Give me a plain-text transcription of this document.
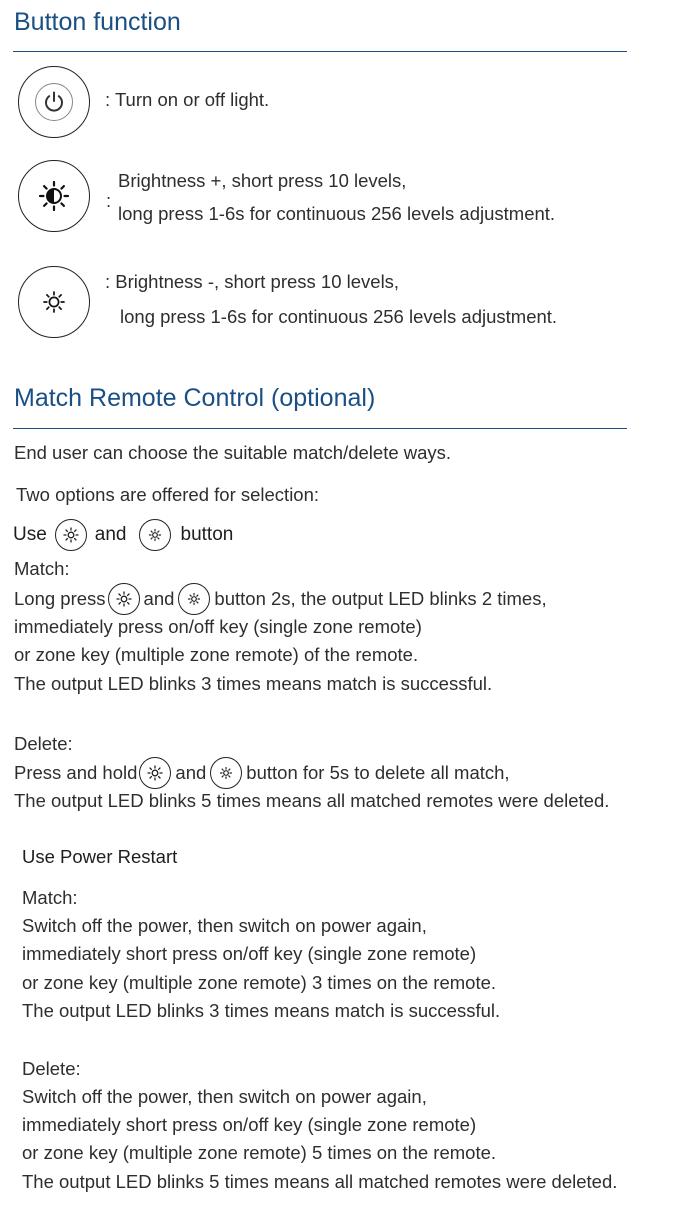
Button function
: Turn on or off light.
:
Brightness +, short press 10 levels,
long press 1-6s for continuous 256 levels adjustment.
: Brightness -, short press 10 levels,
long press 1-6s for continuous 256 levels adjustment.
Match Remote Control (optional)
End user can choose the suitable match/delete ways.
Two options are offered for selection:
Use	and	button
Match:
Long press and button 2s, the output LED blinks 2 times,
immediately press on/off key (single zone remote)
or zone key (multiple zone remote) of the remote.
The output LED blinks 3 times means match is successful.
Delete:
Press and hold and button for 5s to delete all match,
The output LED blinks 5 times means all matched remotes were deleted.
Use Power Restart
Match:
Switch off the power, then switch on power again,
immediately short press on/off key (single zone remote)
or zone key (multiple zone remote) 3 times on the remote.
The output LED blinks 3 times means match is successful.
Delete:
Switch off the power, then switch on power again,
immediately short press on/off key (single zone remote)
or zone key (multiple zone remote) 5 times on the remote.
The output LED blinks 5 times means all matched remotes were deleted.
